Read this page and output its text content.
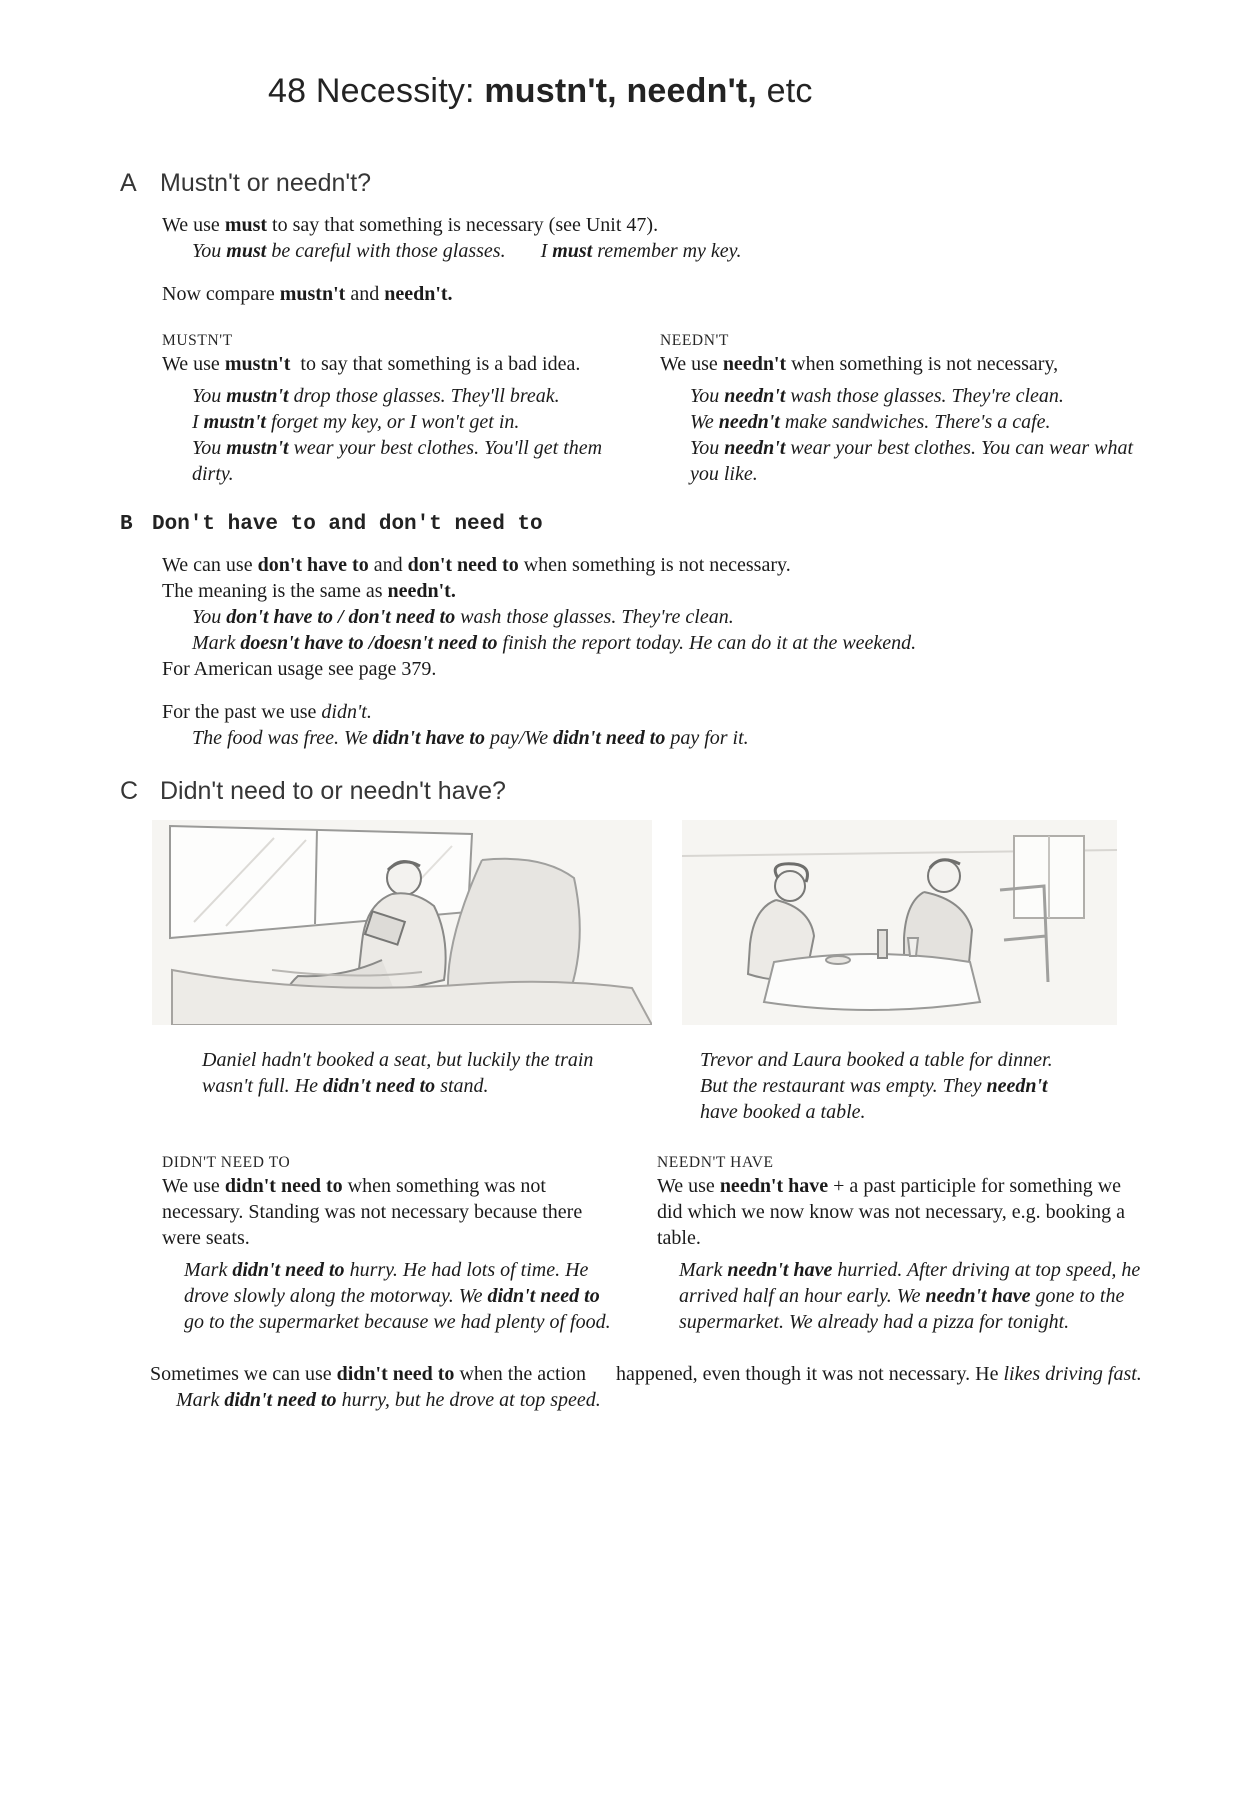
48 Necessity: mustn't, needn't, etc
A Mustn't or needn't?

We use must to say that something is necessary (see Unit 47).

You must be careful with those glasses.       I must remember my key.

Now compare mustn't and needn't.

MUSTN'T

We use mustn't  to say that something is a bad idea.

You mustn't drop those glasses. They'll break.

I mustn't forget my key, or I won't get in.

You mustn't wear your best clothes. You'll get them dirty.

NEEDN'T

We use needn't when something is not necessary,

You needn't wash those glasses. They're clean.

We needn't make sandwiches. There's a cafe.

You needn't wear your best clothes. You can wear what you like.

B Don't have to and don't need to

We can use don't have to and don't need to when something is not necessary.

The meaning is the same as needn't.

You don't have to / don't need to wash those glasses. They're clean.

Mark doesn't have to /doesn't need to finish the report today. He can do it at the weekend.

For American usage see page 379.

For the past we use didn't.

The food was free. We didn't have to pay/We didn't need to pay for it.

C Didn't need to or needn't have?

Daniel hadn't booked a seat, but luckily the train wasn't full. He didn't need to stand.

Trevor and Laura booked a table for dinner. But the restaurant was empty. They needn't have booked a table.

DIDN'T NEED TO

We use didn't need to when something was not necessary. Standing was not necessary because there were seats.

Mark didn't need to hurry. He had lots of time. He drove slowly along the motorway. We didn't need to go to the supermarket because we had plenty of food.

NEEDN'T HAVE

We use needn't have + a past participle for something we did which we now know was not necessary, e.g. booking a table.

Mark needn't have hurried. After driving at top speed, he arrived half an hour early. We needn't have gone to the supermarket. We already had a pizza for tonight.

Sometimes we can use didn't need to when the action

Mark didn't need to hurry, but he drove at top speed.

happened, even though it was not necessary. He likes driving fast.
